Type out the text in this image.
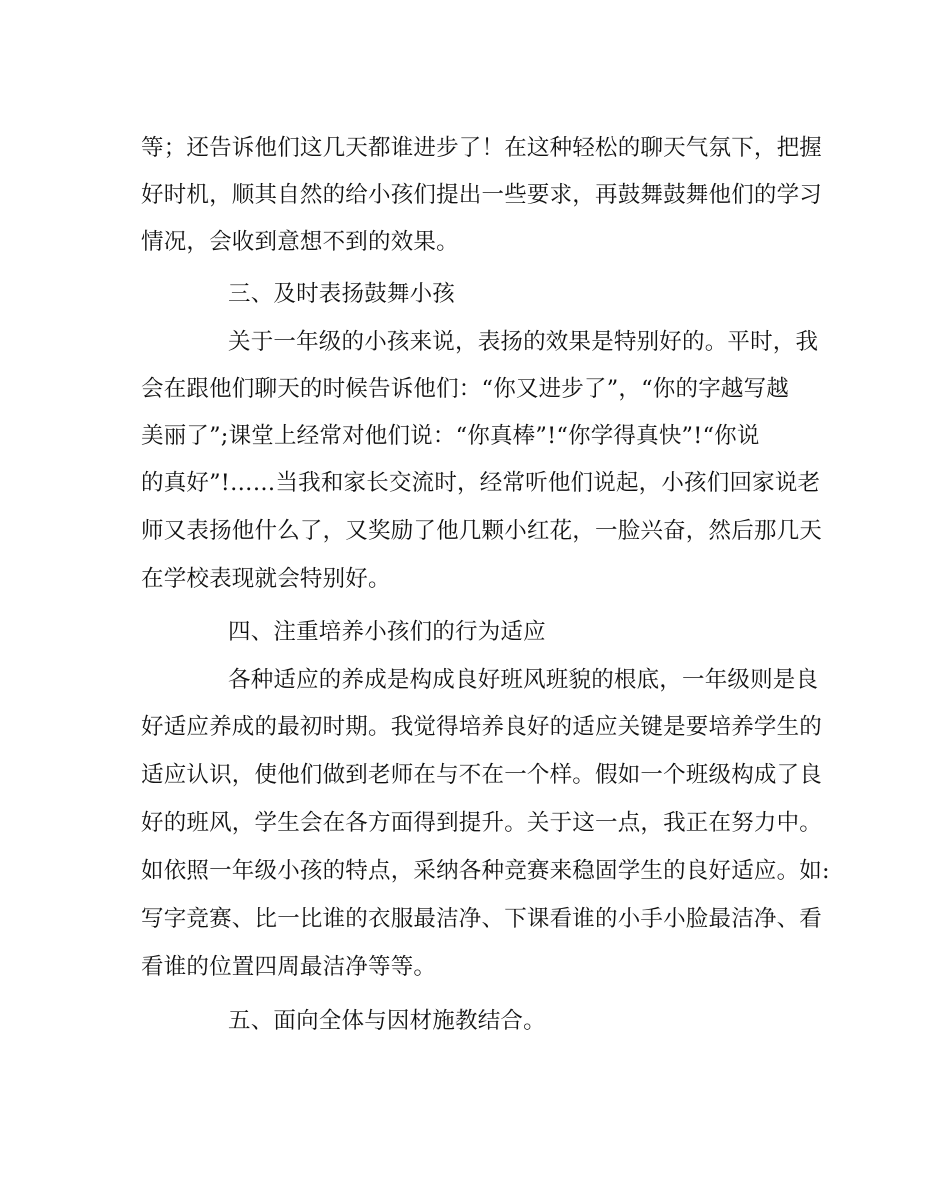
等；还告诉他们这几天都谁进步了！在这种轻松的聊天气氛下，把握
好时机，顺其自然的给小孩们提出一些要求，再鼓舞鼓舞他们的学习
情况，会收到意想不到的效果。
三、及时表扬鼓舞小孩
关于一年级的小孩来说，表扬的效果是特别好的。平时，我
会在跟他们聊天的时候告诉他们：“你又进步了”，“你的字越写越
美丽了”;课堂上经常对他们说：“你真棒”!“你学得真快”!“你说
的真好”!……当我和家长交流时，经常听他们说起，小孩们回家说老
师又表扬他什么了，又奖励了他几颗小红花，一脸兴奋，然后那几天
在学校表现就会特别好。
四、注重培养小孩们的行为适应
各种适应的养成是构成良好班风班貌的根底，一年级则是良
好适应养成的最初时期。我觉得培养良好的适应关键是要培养学生的
适应认识，使他们做到老师在与不在一个样。假如一个班级构成了良
好的班风，学生会在各方面得到提升。关于这一点，我正在努力中。
如依照一年级小孩的特点，采纳各种竞赛来稳固学生的良好适应。如:
写字竞赛、比一比谁的衣服最洁净、下课看谁的小手小脸最洁净、看
看谁的位置四周最洁净等等。
五、面向全体与因材施教结合。
